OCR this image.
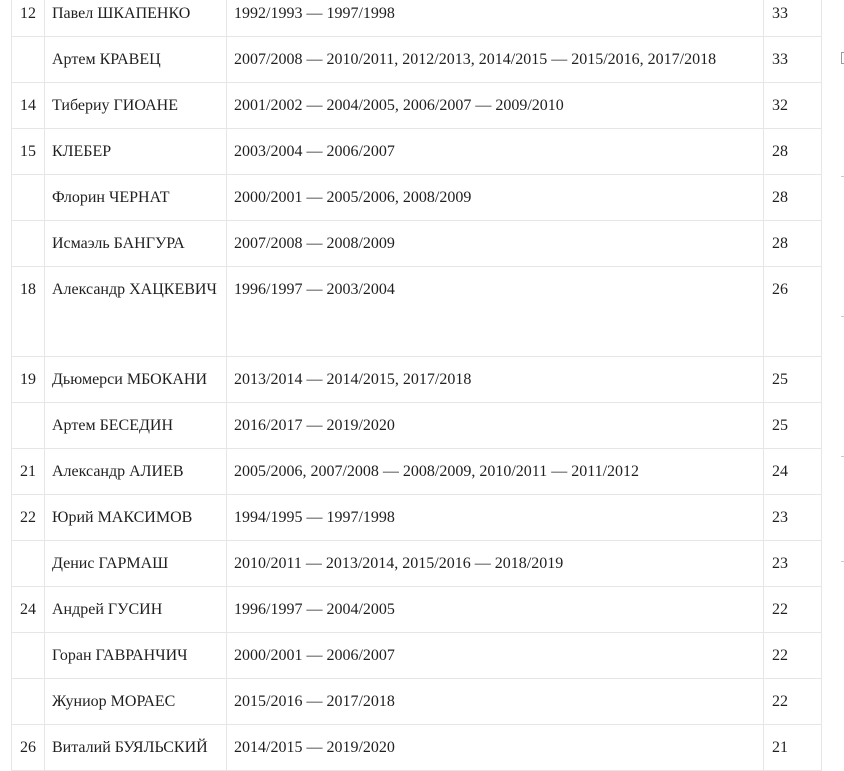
12	Павел ШКАПЕНКО	1992/1993 — 1997/1998	33

	Артем КРАВЕЦ	2007/2008 — 2010/2011, 2012/2013, 2014/2015 — 2015/2016, 2017/2018	33
14	Тибериу ГИОАНЕ	2001/2002 — 2004/2005, 2006/2007 — 2009/2010	32
15	КЛЕБЕР	2003/2004 — 2006/2007	28

	Флорин ЧЕРНАТ	2000/2001 — 2005/2006, 2008/2009	28

	Исмаэль БАНГУРА	2007/2008 — 2008/2009	28
18	Александр ХАЦКЕВИЧ	1996/1997 — 2003/2004	26
19	Дьюмерси МБОКАНИ	2013/2014 — 2014/2015, 2017/2018	25

	Артем БЕСЕДИН	2016/2017 — 2019/2020	25
21	Александр АЛИЕВ	2005/2006, 2007/2008 — 2008/2009, 2010/2011 — 2011/2012	24
22	Юрий МАКСИМОВ	1994/1995 — 1997/1998	23

	Денис ГАРМАШ	2010/2011 — 2013/2014, 2015/2016 — 2018/2019	23
24	Андрей ГУСИН	1996/1997 — 2004/2005	22

	Горан ГАВРАНЧИЧ	2000/2001 — 2006/2007	22

	Жуниор МОРАЕС	2015/2016 — 2017/2018	22
26	Виталий БУЯЛЬСКИЙ	2014/2015 — 2019/2020	21
